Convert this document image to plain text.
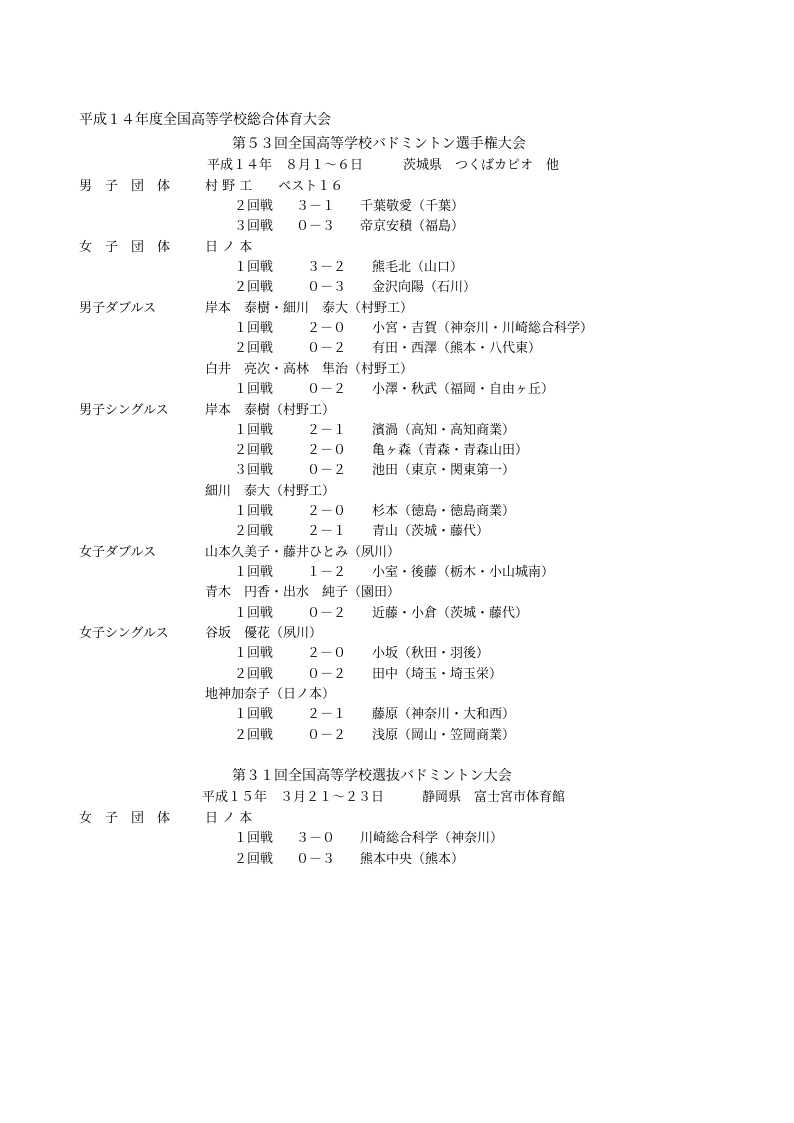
平成１４年度全国高等学校総合体育大会
第５３回全国高等学校バドミントン選手権大会
平成１４年　８月１～６日	茨城県　つくばカピオ　他
男　子　団　体	村 野 工　　ベスト１６
２回戦 ３－１ 千葉敬愛（千葉）
３回戦 ０－３ 帝京安積（福島）
女　子　団　体	日 ノ 本
１回戦	３－２ 熊毛北（山口）
２回戦	０－３ 金沢向陽（石川）
男子ダブルス	岸本　泰樹・細川　泰大（村野工）
１回戦	２－０ 小宮・吉賀（神奈川・川崎総合科学）
２回戦	０－２ 有田・西澤（熊本・八代東）
白井　亮次・高林　隼治（村野工）
１回戦	０－２ 小澤・秋武（福岡・自由ヶ丘）
男子シングルス	岸本　泰樹（村野工）
１回戦	２－１ 濱渦（高知・高知商業）
２回戦	２－０ 亀ヶ森（青森・青森山田）
３回戦	０－２ 池田（東京・関東第一）
細川　泰大（村野工）
１回戦	２－０ 杉本（徳島・徳島商業）
２回戦	２－１ 青山（茨城・藤代）
女子ダブルス	山本久美子・藤井ひとみ（夙川）
１回戦	１－２ 小室・後藤（栃木・小山城南）
青木　円香・出水　純子（園田）
１回戦	０－２ 近藤・小倉（茨城・藤代）
女子シングルス	谷坂　優花（夙川）
１回戦	２－０ 小坂（秋田・羽後）
２回戦	０－２ 田中（埼玉・埼玉栄）
地神加奈子（日ノ本）
１回戦	２－１ 藤原（神奈川・大和西）
２回戦	０－２ 浅原（岡山・笠岡商業）
第３１回全国高等学校選抜バドミントン大会
平成１５年　３月２１～２３日	静岡県　富士宮市体育館
女　子　団　体	日 ノ 本
１回戦 ３－０ 川崎総合科学（神奈川）
２回戦 ０－３ 熊本中央（熊本）
